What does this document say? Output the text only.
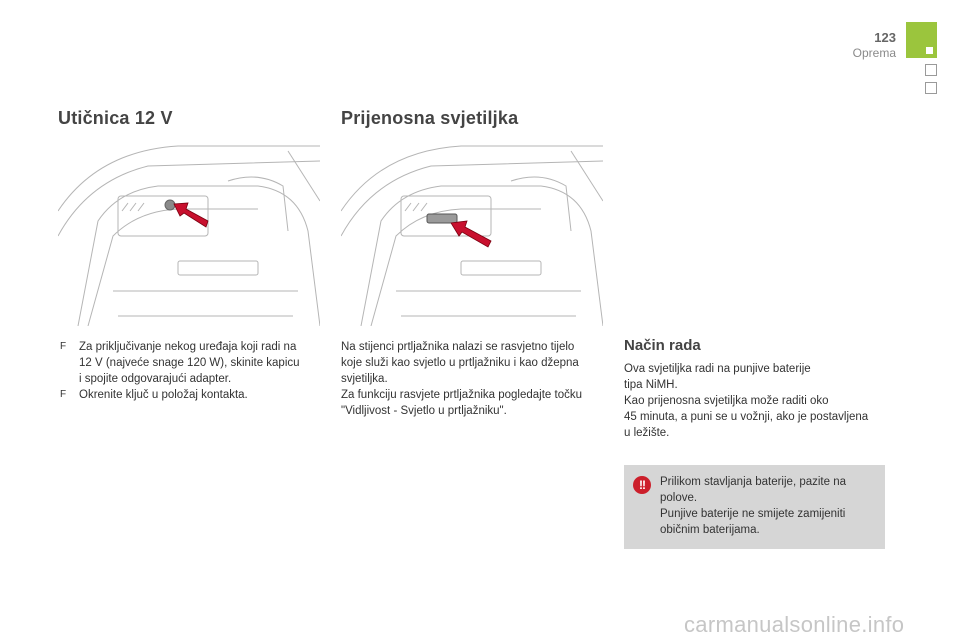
123
Oprema
Utičnica 12 V	Prijenosna svjetiljka
F Za priključivanje nekog uređaja koji radi na
12 V (najveće snage 120 W), skinite kapicu
i spojite odgovarajući adapter.
F Okrenite ključ u položaj kontakta.
Na stijenci prtljažnika nalazi se rasvjetno tijelo
koje služi kao svjetlo u prtljažniku i kao džepna
svjetiljka.
Za funkciju rasvjete prtljažnika pogledajte točku
"Vidljivost - Svjetlo u prtljažniku".
Način rada
Ova svjetiljka radi na punjive baterije
tipa NiMH.
Kao prijenosna svjetiljka može raditi oko
45 minuta, a puni se u vožnji, ako je postavljena
u ležište.
!!	Prilikom stavljanja baterije, pazite na
polove.
Punjive baterije ne smijete zamijeniti
običnim baterijama.
carmanualsonline.info
